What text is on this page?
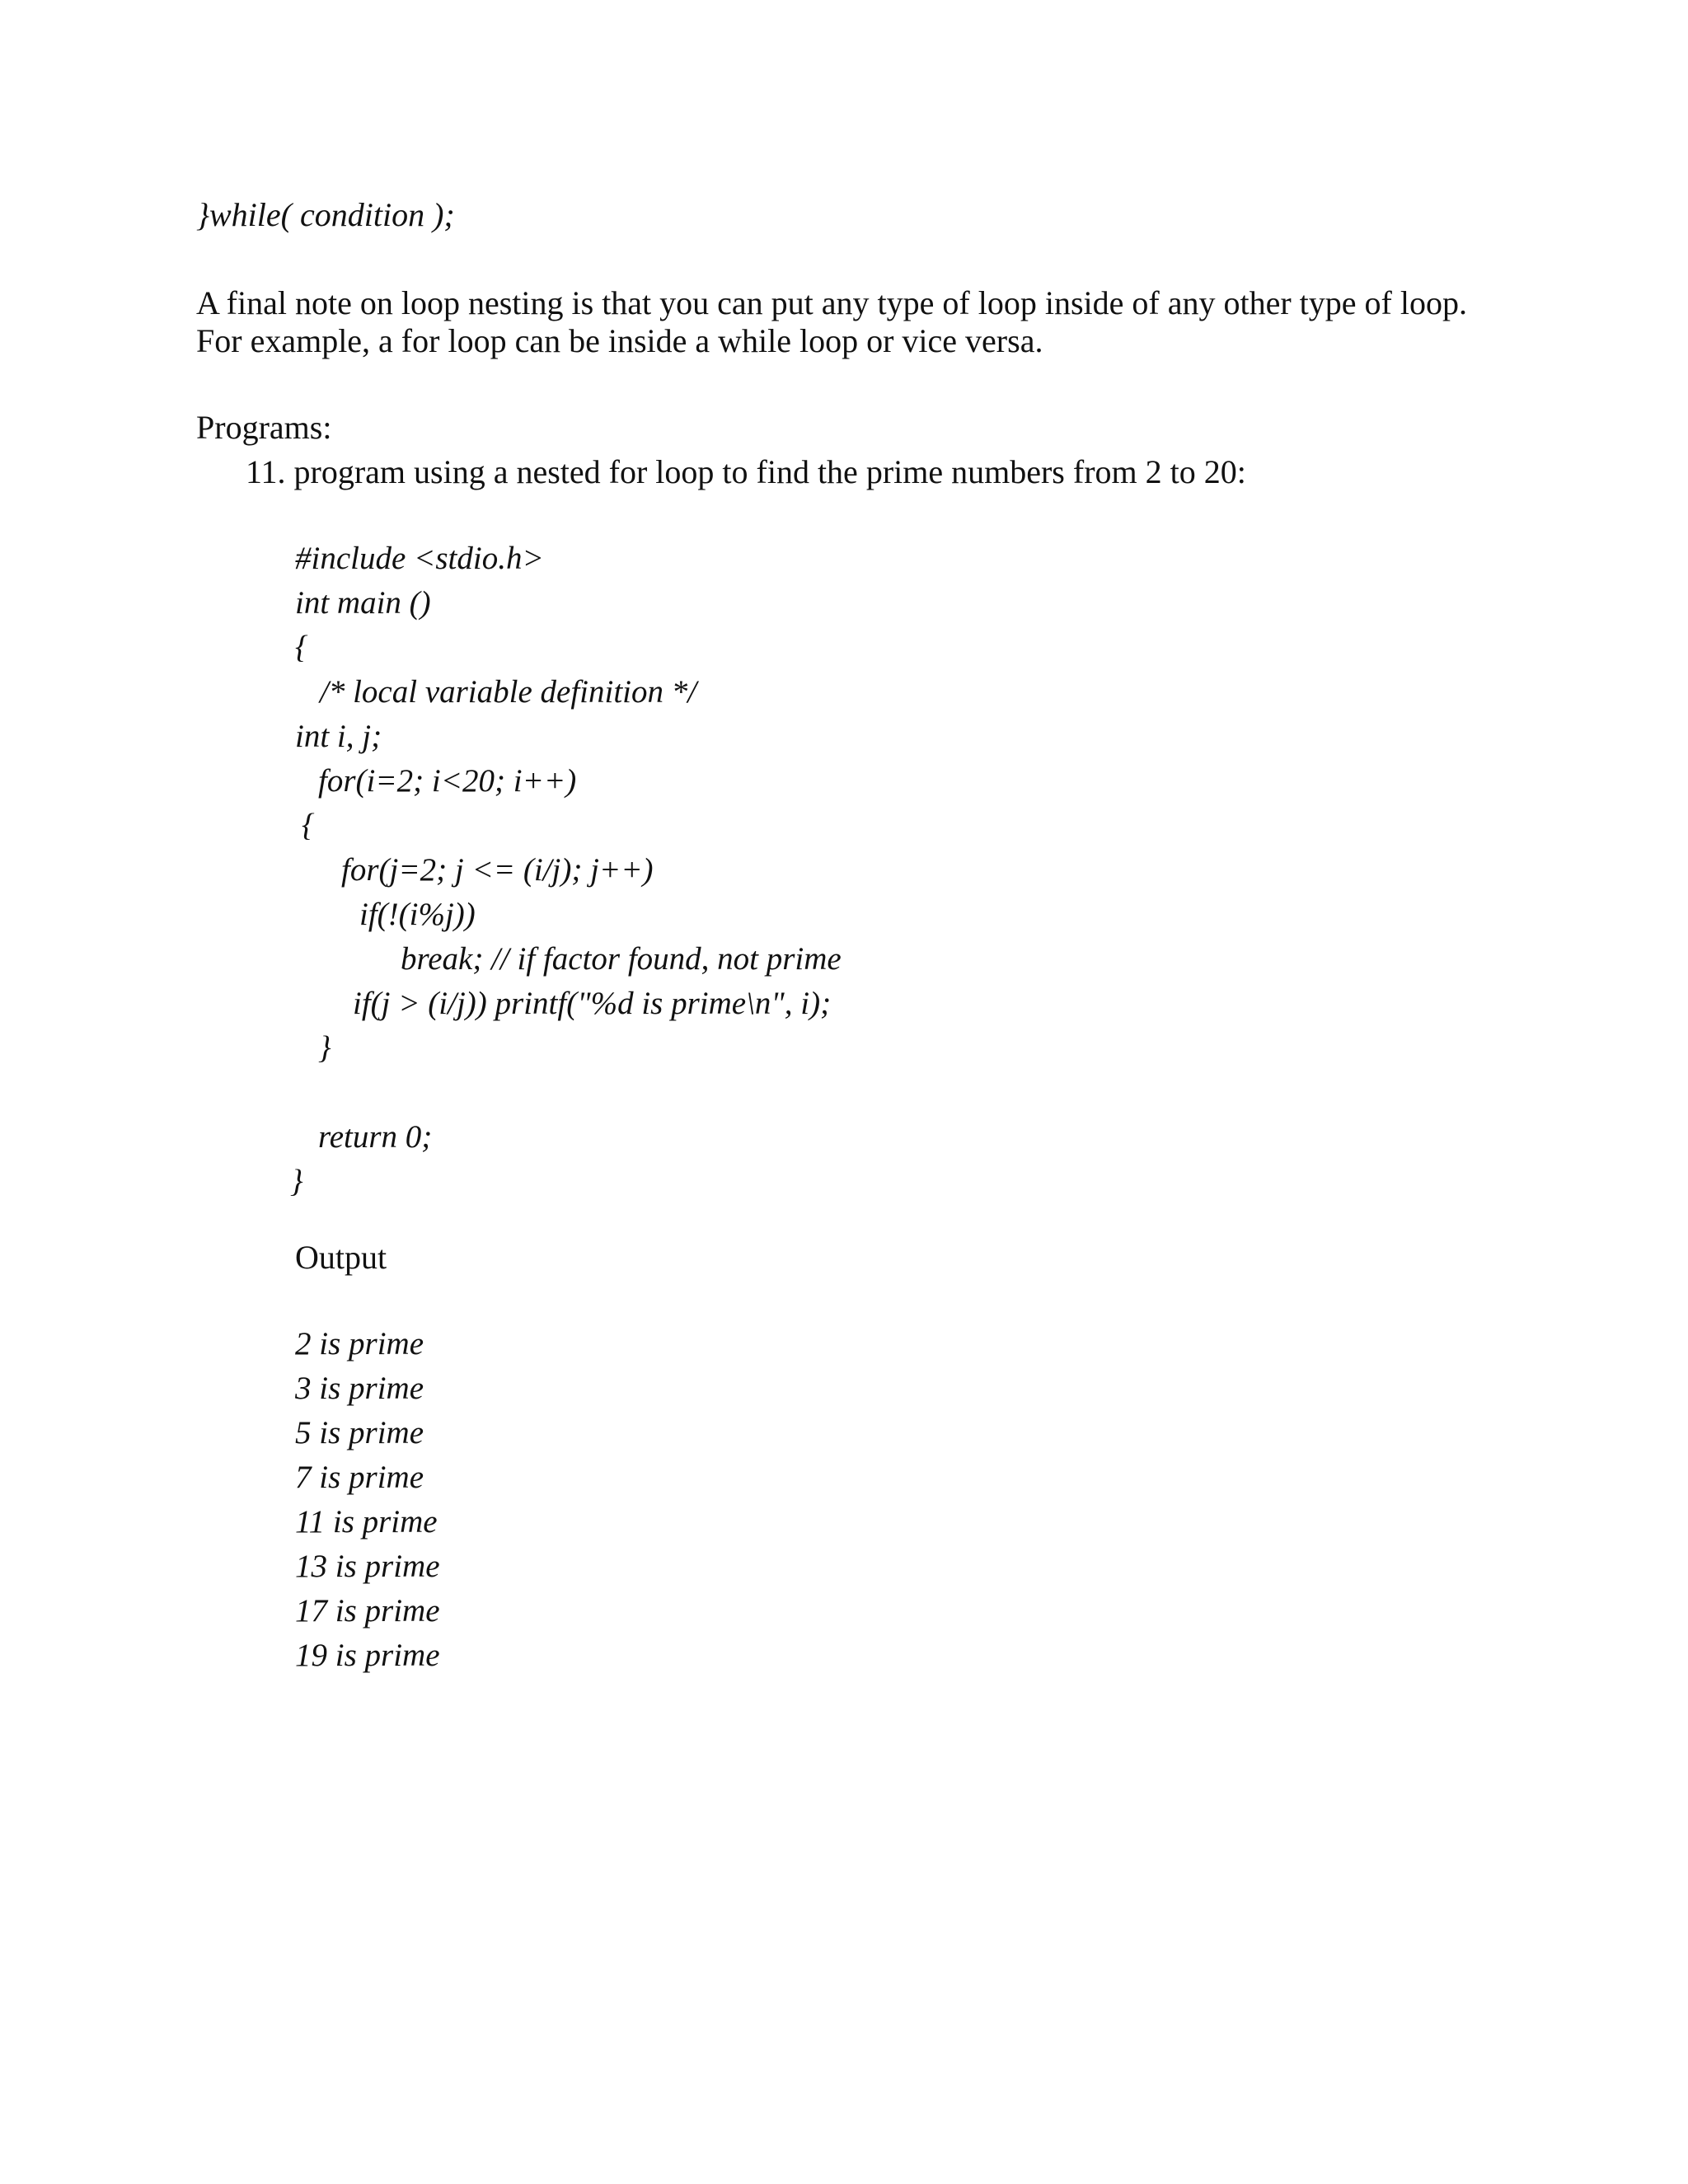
}while( condition );
A final note on loop nesting is that you can put any type of loop inside of any other type of loop.
For example, a for loop can be inside a while loop or vice versa.
Programs:
11. program using a nested for loop to find the prime numbers from 2 to 20:
#include <stdio.h>
int main ()
{
/* local variable definition */
int i, j;
for(i=2; i<20; i++)
{
for(j=2; j <= (i/j); j++)
if(!(i%j))
break; // if factor found, not prime
if(j > (i/j)) printf("%d is prime\n", i);
}
return 0;
}
Output
2 is prime
3 is prime
5 is prime
7 is prime
11 is prime
13 is prime
17 is prime
19 is prime
